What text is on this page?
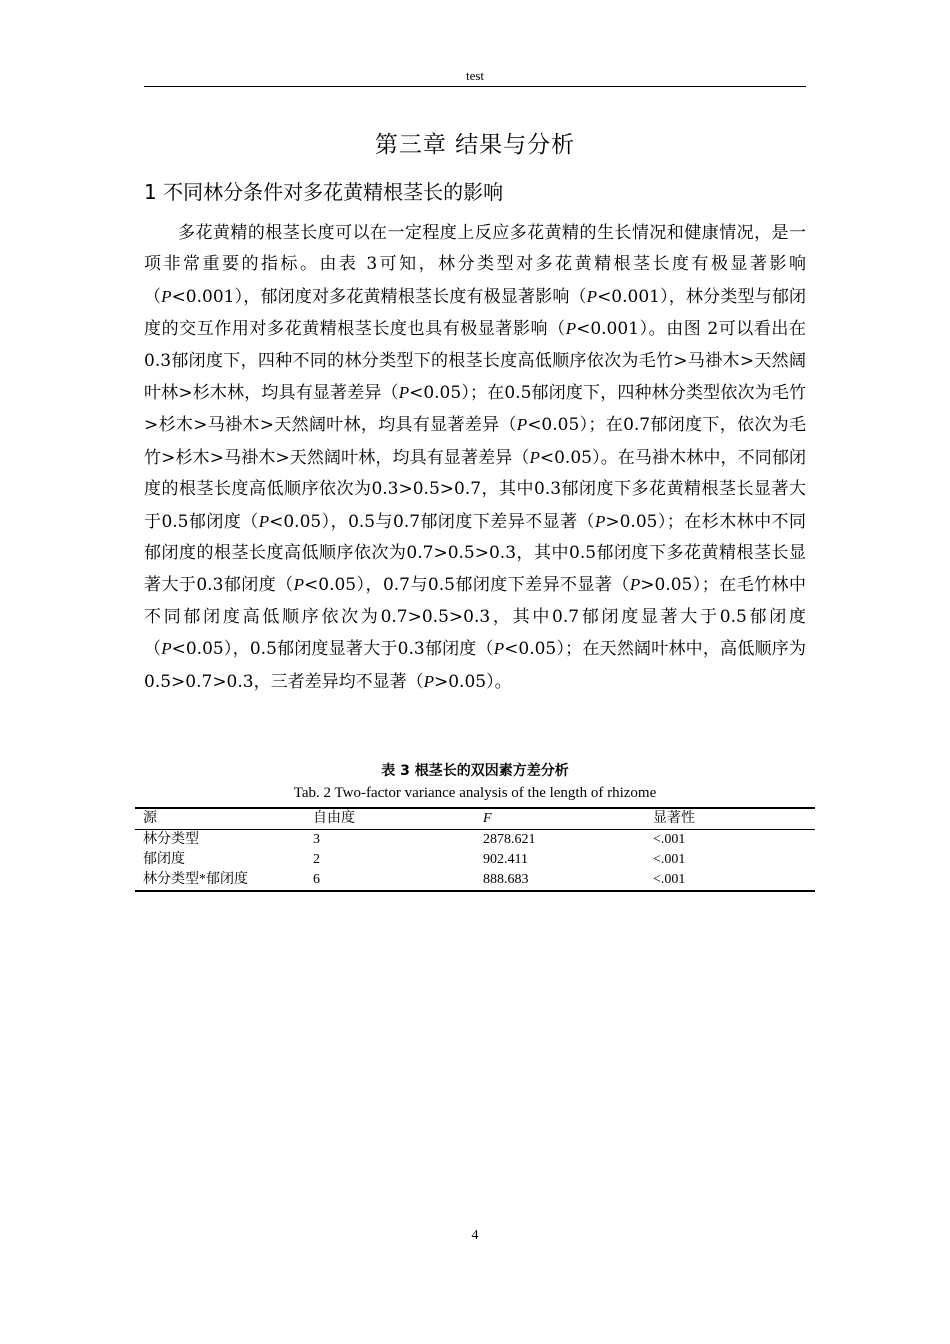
test
第三章 结果与分析
1 不同林分条件对多花黄精根茎长的影响

多花黄精的根茎长度可以在一定程度上反应多花黄精的生长情况和健康情况，是一项非常重要的指标。由表 3可知，林分类型对多花黄精根茎长度有极显著影响（P<0.001），郁闭度对多花黄精根茎长度有极显著影响（P<0.001），林分类型与郁闭度的交互作用对多花黄精根茎长度也具有极显著影响（P<0.001）。由图 2可以看出在0.3郁闭度下，四种不同的林分类型下的根茎长度高低顺序依次为毛竹>马褂木>天然阔叶林>杉木林，均具有显著差异（P<0.05）；在0.5郁闭度下，四种林分类型依次为毛竹>杉木>马褂木>天然阔叶林，均具有显著差异（P<0.05）；在0.7郁闭度下，依次为毛竹>杉木>马褂木>天然阔叶林，均具有显著差异（P<0.05）。在马褂木林中，不同郁闭度的根茎长度高低顺序依次为0.3>0.5>0.7，其中0.3郁闭度下多花黄精根茎长显著大于0.5郁闭度（P<0.05），0.5与0.7郁闭度下差异不显著（P>0.05）；在杉木林中不同郁闭度的根茎长度高低顺序依次为0.7>0.5>0.3，其中0.5郁闭度下多花黄精根茎长显著大于0.3郁闭度（P<0.05），0.7与0.5郁闭度下差异不显著（P>0.05）；在毛竹林中不同郁闭度高低顺序依次为0.7>0.5>0.3，其中0.7郁闭度显著大于0.5郁闭度（P<0.05），0.5郁闭度显著大于0.3郁闭度（P<0.05）；在天然阔叶林中，高低顺序为0.5>0.7>0.3，三者差异均不显著（P>0.05）。

表 3 根茎长的双因素方差分析
Tab. 2 Two-factor variance analysis of the length of rhizome
源	自由度	F	显著性
林分类型	3	2878.621	<.001
郁闭度	2	902.411	<.001
林分类型*郁闭度	6	888.683	<.001
4
